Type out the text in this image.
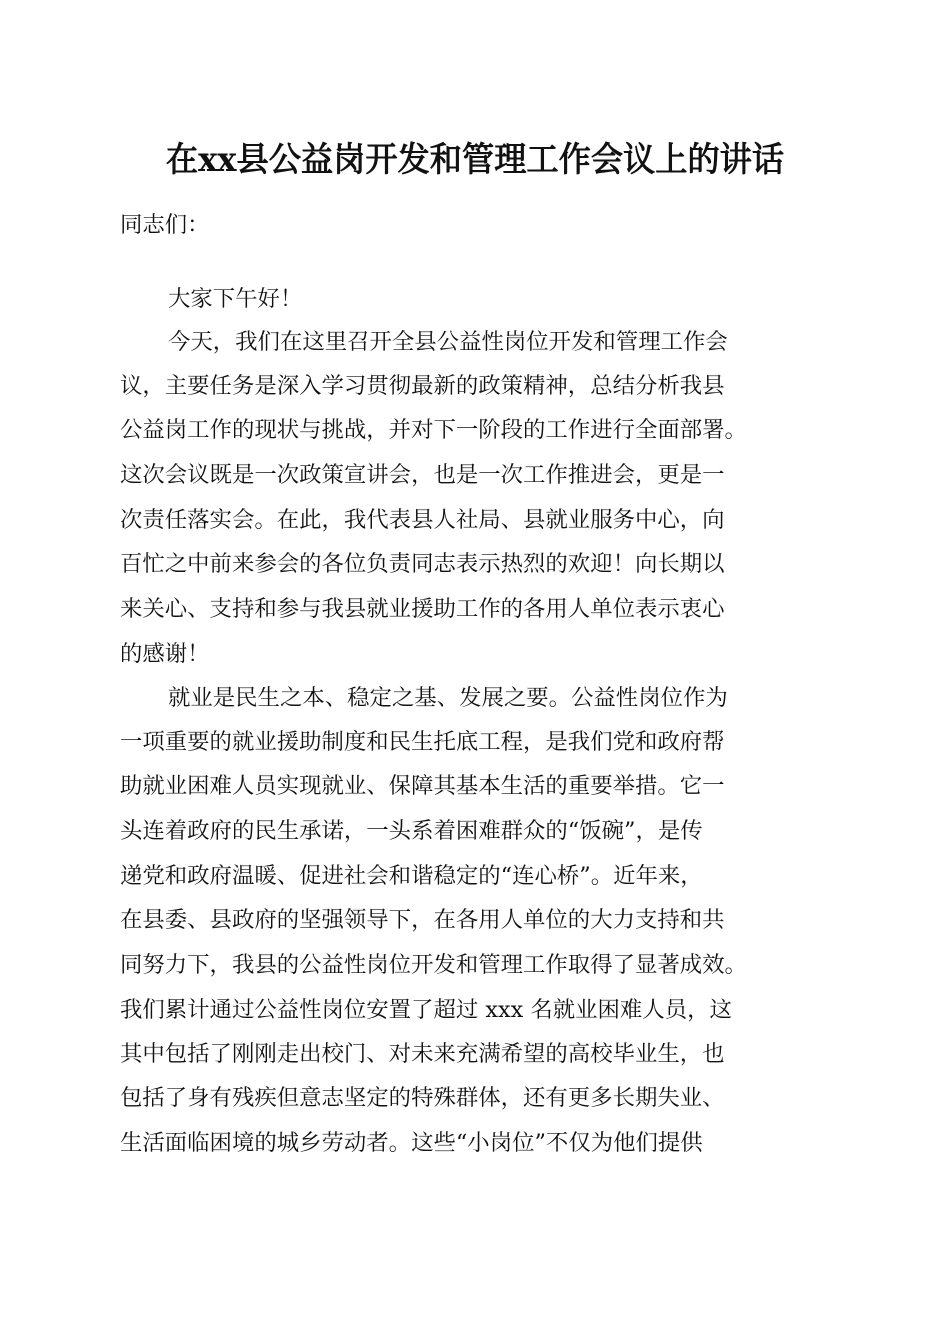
在xx县公益岗开发和管理工作会议上的讲话
同志们：
大家下午好！
今天，我们在这里召开全县公益性岗位开发和管理工作会
议，主要任务是深入学习贯彻最新的政策精神，总结分析我县
公益岗工作的现状与挑战，并对下一阶段的工作进行全面部署。
这次会议既是一次政策宣讲会，也是一次工作推进会，更是一
次责任落实会。在此，我代表县人社局、县就业服务中心，向
百忙之中前来参会的各位负责同志表示热烈的欢迎！向长期以
来关心、支持和参与我县就业援助工作的各用人单位表示衷心
的感谢！
就业是民生之本、稳定之基、发展之要。公益性岗位作为
一项重要的就业援助制度和民生托底工程，是我们党和政府帮
助就业困难人员实现就业、保障其基本生活的重要举措。它一
头连着政府的民生承诺，一头系着困难群众的“饭碗”，是传
递党和政府温暖、促进社会和谐稳定的“连心桥”。近年来，
在县委、县政府的坚强领导下，在各用人单位的大力支持和共
同努力下，我县的公益性岗位开发和管理工作取得了显著成效。
我们累计通过公益性岗位安置了超过 xxx 名就业困难人员，这
其中包括了刚刚走出校门、对未来充满希望的高校毕业生，也
包括了身有残疾但意志坚定的特殊群体，还有更多长期失业、
生活面临困境的城乡劳动者。这些“小岗位”不仅为他们提供
